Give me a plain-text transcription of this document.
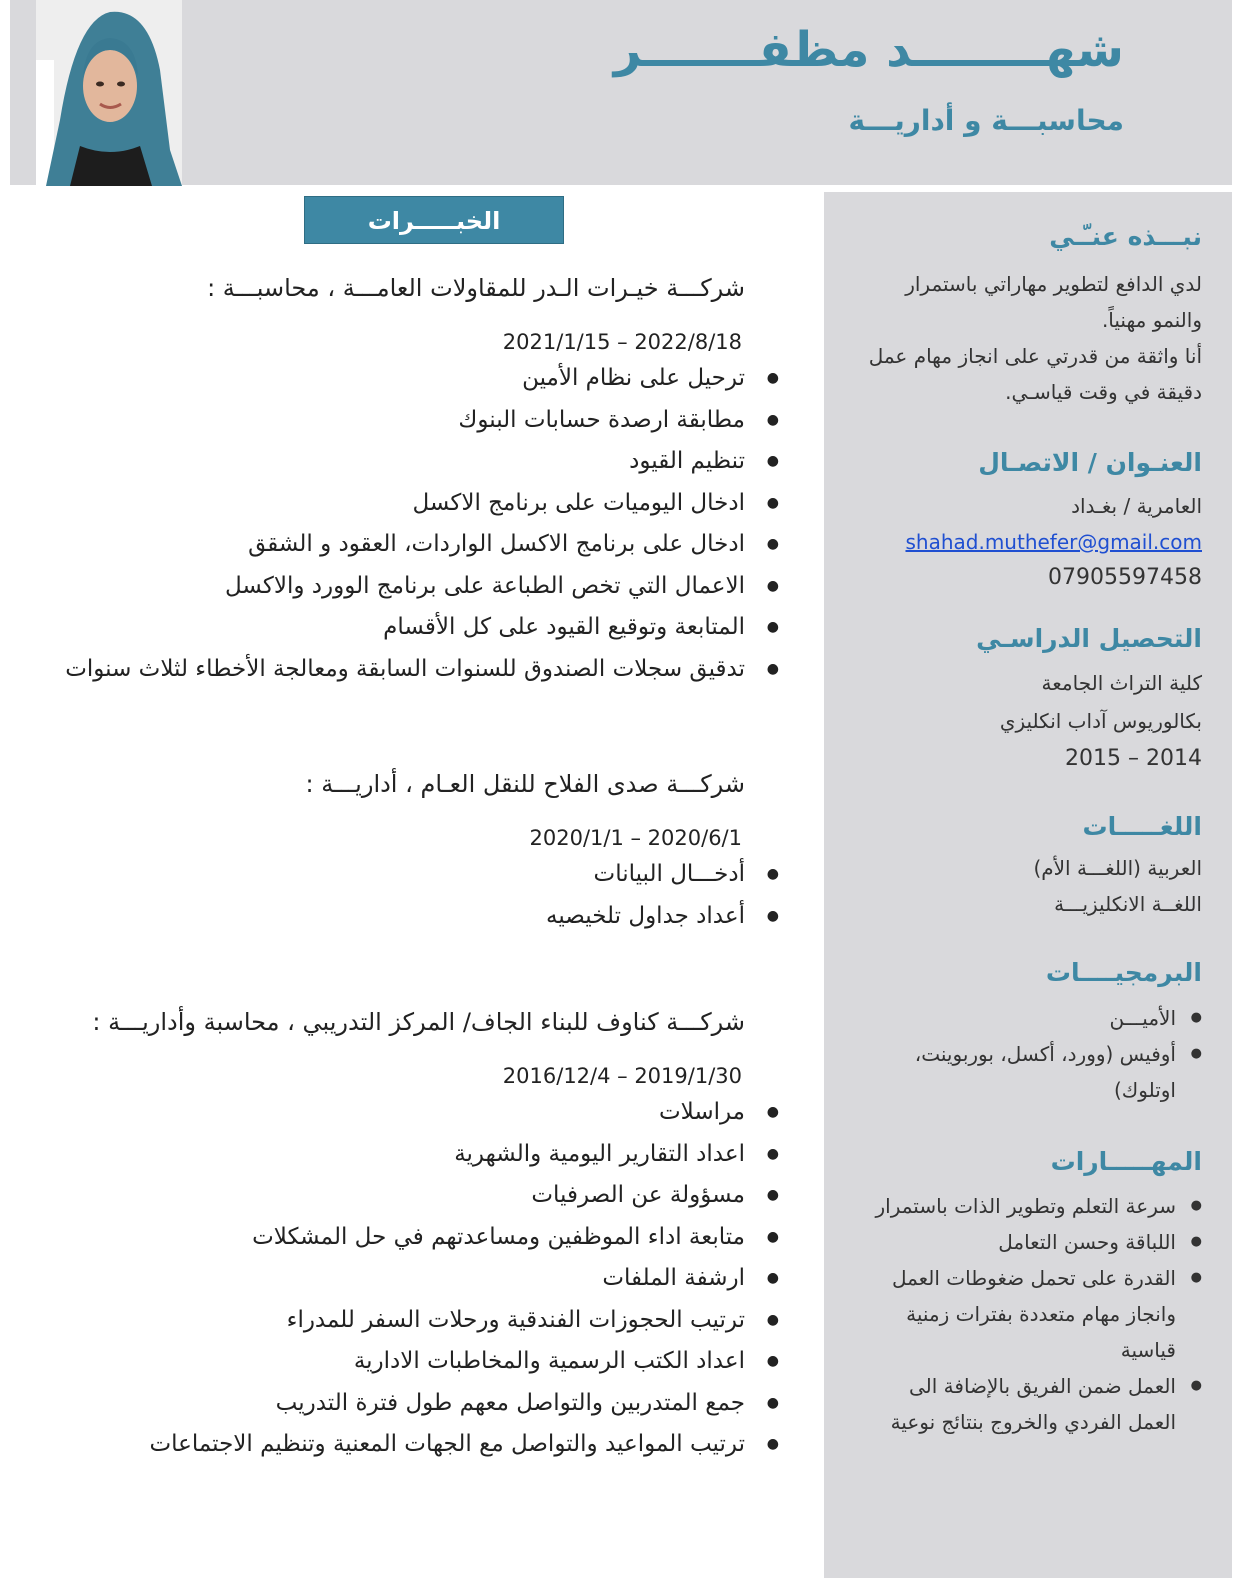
شهــــــــد مظفـــــــر
محاسبـــة و أداريـــة
نبـــذه عنـّـي
لدي الدافع لتطوير مهاراتي باستمرار
والنمو مهنياً.
أنا واثقة من قدرتي على انجاز مهام عمل
دقيقة في وقت قياسـي.
العنـوان / الاتصـال
العامرية / بغـداد
shahad.muthefer@gmail.com
07905597458
التحصيل الدراسـي
كلية التراث الجامعة
بكالوريوس آداب انكليزي
2015 – 2014
اللغـــــات
العربية (اللغـــة الأم)
اللغــة الانكليزيـــة
البرمجيــــات
● الأميـــن
● أوفيس (وورد، أكسل، بوربوينت،
اوتلوك)
المهـــــارات
● سرعة التعلم وتطوير الذات باستمرار
● اللباقة وحسن التعامل
● القدرة على تحمل ضغوطات العمل
وانجاز مهام متعددة بفترات زمنية
قياسية
● العمل ضمن الفريق بالإضافة الى
العمل الفردي والخروج بنتائج نوعية
الخبـــــرات
شركـــة خيـرات الـدر للمقاولات العامـــة ، محاسبـــة :
2021/1/15 – 2022/8/18
● ترحيل على نظام الأمين
● مطابقة ارصدة حسابات البنوك
● تنظيم القيود
● ادخال اليوميات على برنامج الاكسل
● ادخال على برنامج الاكسل الواردات، العقود و الشقق
● الاعمال التي تخص الطباعة على برنامج الوورد والاكسل
● المتابعة وتوقيع القيود على كل الأقسام
● تدقيق سجلات الصندوق للسنوات السابقة ومعالجة الأخطاء لثلاث سنوات
شركـــة صدى الفلاح للنقل العـام ، أداريـــة :
2020/1/1 – 2020/6/1
● أدخـــال البيانات
● أعداد جداول تلخيصيه
شركـــة كناوف للبناء الجاف/ المركز التدريبي ، محاسبة وأداريـــة :
2016/12/4 – 2019/1/30
● مراسلات
● اعداد التقارير اليومية والشهرية
● مسؤولة عن الصرفيات
● متابعة اداء الموظفين ومساعدتهم في حل المشكلات
● ارشفة الملفات
● ترتيب الحجوزات الفندقية ورحلات السفر للمدراء
● اعداد الكتب الرسمية والمخاطبات الادارية
● جمع المتدربين والتواصل معهم طول فترة التدريب
● ترتيب المواعيد والتواصل مع الجهات المعنية وتنظيم الاجتماعات
